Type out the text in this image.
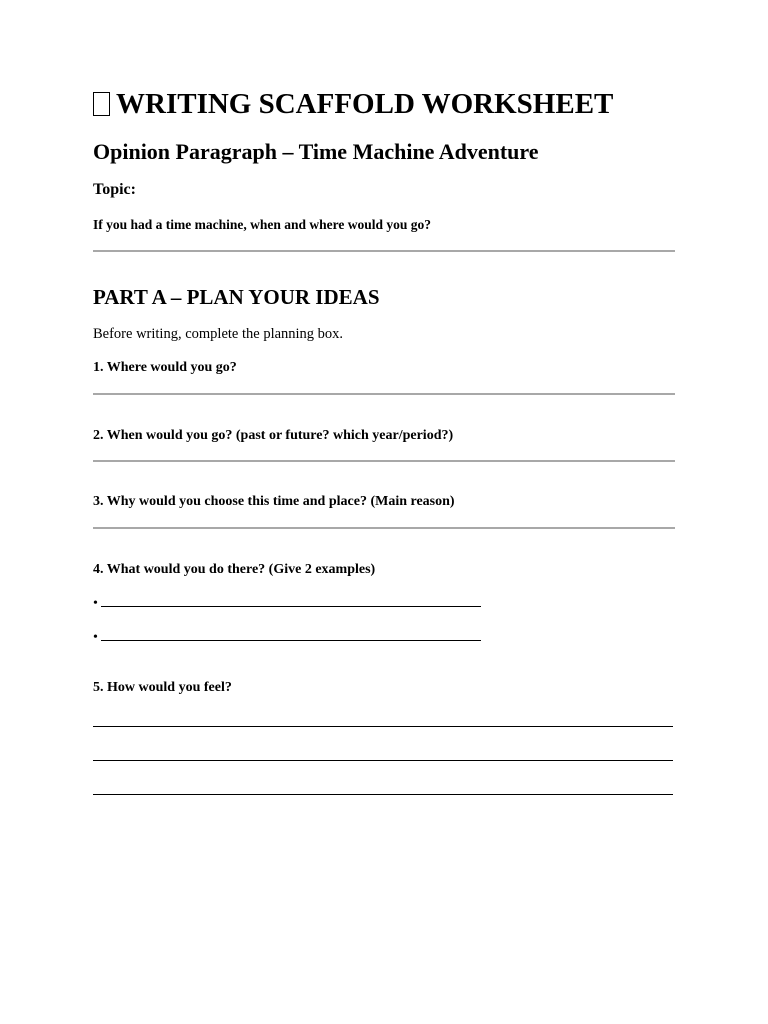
WRITING SCAFFOLD WORKSHEET
Opinion Paragraph – Time Machine Adventure
Topic:
If you had a time machine, when and where would you go?
PART A – PLAN YOUR IDEAS
Before writing, complete the planning box.
1. Where would you go?
2. When would you go? (past or future? which year/period?)
3. Why would you choose this time and place? (Main reason)
4. What would you do there? (Give 2 examples)
•
•
5. How would you feel?
